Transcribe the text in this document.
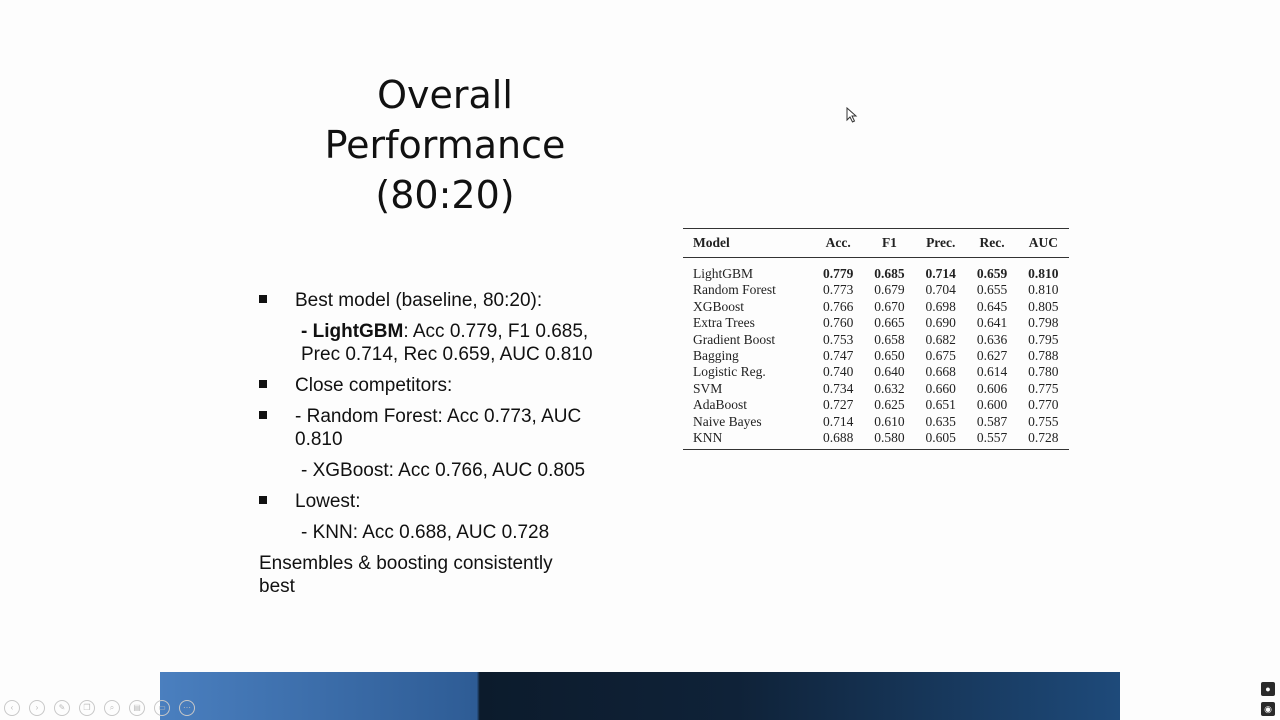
Overall
Performance
(80:20)
Best model (baseline, 80:20):
- LightGBM: Acc 0.779, F1 0.685,
Prec 0.714, Rec 0.659, AUC 0.810
Close competitors:
- Random Forest: Acc 0.773, AUC
0.810
- XGBoost: Acc 0.766, AUC 0.805
Lowest:
- KNN: Acc 0.688, AUC 0.728
Ensembles & boosting consistently
best
Model	Acc.	F1	Prec.	Rec.	AUC
LightGBM	0.779	0.685	0.714	0.659	0.810
Random Forest	0.773	0.679	0.704	0.655	0.810
XGBoost	0.766	0.670	0.698	0.645	0.805
Extra Trees	0.760	0.665	0.690	0.641	0.798
Gradient Boost	0.753	0.658	0.682	0.636	0.795
Bagging	0.747	0.650	0.675	0.627	0.788
Logistic Reg.	0.740	0.640	0.668	0.614	0.780
SVM	0.734	0.632	0.660	0.606	0.775
AdaBoost	0.727	0.625	0.651	0.600	0.770
Naive Bayes	0.714	0.610	0.635	0.587	0.755
KNN	0.688	0.580	0.605	0.557	0.728
‹	›	✎	❐	⌕	▤	▭	⋯
●
◉
